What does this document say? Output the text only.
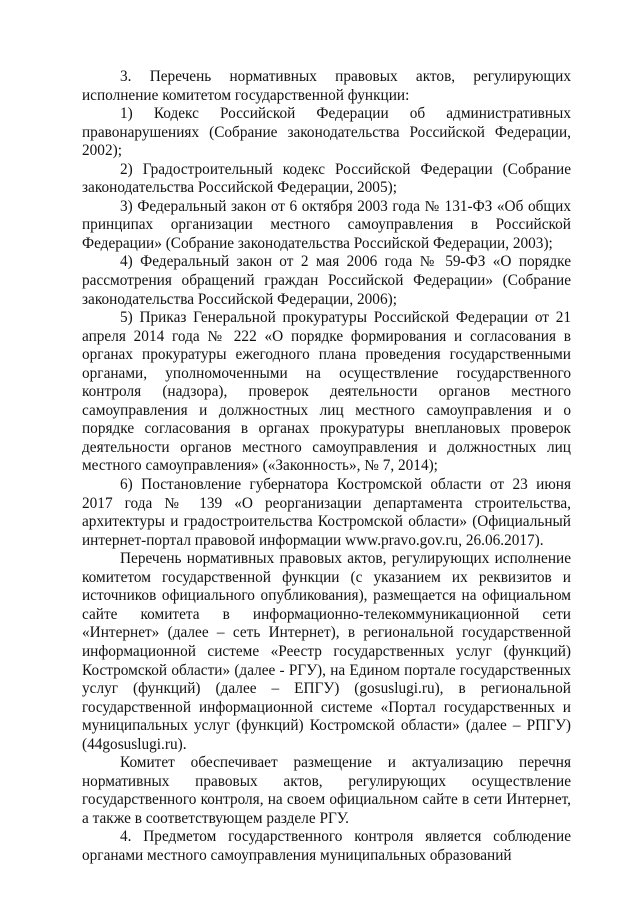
3. Перечень нормативных правовых актов, регулирующих исполнение комитетом государственной функции:

1) Кодекс Российской Федерации об административных правонарушениях (Собрание законодательства Российской Федерации, 2002);

2) Градостроительный кодекс Российской Федерации (Собрание законодательства Российской Федерации, 2005);

3) Федеральный закон от 6 октября 2003 года № 131-ФЗ «Об общих принципах организации местного самоуправления в Российской Федерации» (Собрание законодательства Российской Федерации, 2003);

4) Федеральный закон от 2 мая 2006 года № 59-ФЗ «О порядке рассмотрения обращений граждан Российской Федерации» (Собрание законодательства Российской Федерации, 2006);

5) Приказ Генеральной прокуратуры Российской Федерации от 21 апреля 2014 года № 222 «О порядке формирования и согласования в органах прокуратуры ежегодного плана проведения государственными органами, уполномоченными на осуществление государственного контроля (надзора), проверок деятельности органов местного самоуправления и должностных лиц местного самоуправления и о порядке согласования в органах прокуратуры внеплановых проверок деятельности органов местного самоуправления и должностных лиц местного самоуправления» («Законность», № 7, 2014);

6) Постановление губернатора Костромской области от 23 июня 2017 года № 139 «О реорганизации департамента строительства, архитектуры и градостроительства Костромской области» (Официальный интернет-портал правовой информации www.pravo.gov.ru, 26.06.2017).

Перечень нормативных правовых актов, регулирующих исполнение комитетом государственной функции (с указанием их реквизитов и источников официального опубликования), размещается на официальном сайте комитета в информационно-телекоммуникационной сети «Интернет» (далее – сеть Интернет), в региональной государственной информационной системе «Реестр государственных услуг (функций) Костромской области» (далее - РГУ), на Едином портале государственных услуг (функций) (далее – ЕПГУ) (gosuslugi.ru), в региональной государственной информационной системе «Портал государственных и муниципальных услуг (функций) Костромской области» (далее – РПГУ) (44gosuslugi.ru).

Комитет обеспечивает размещение и актуализацию перечня нормативных правовых актов, регулирующих осуществление государственного контроля, на своем официальном сайте в сети Интернет, а также в соответствующем разделе РГУ.

4. Предметом государственного контроля является соблюдение органами местного самоуправления муниципальных образований
